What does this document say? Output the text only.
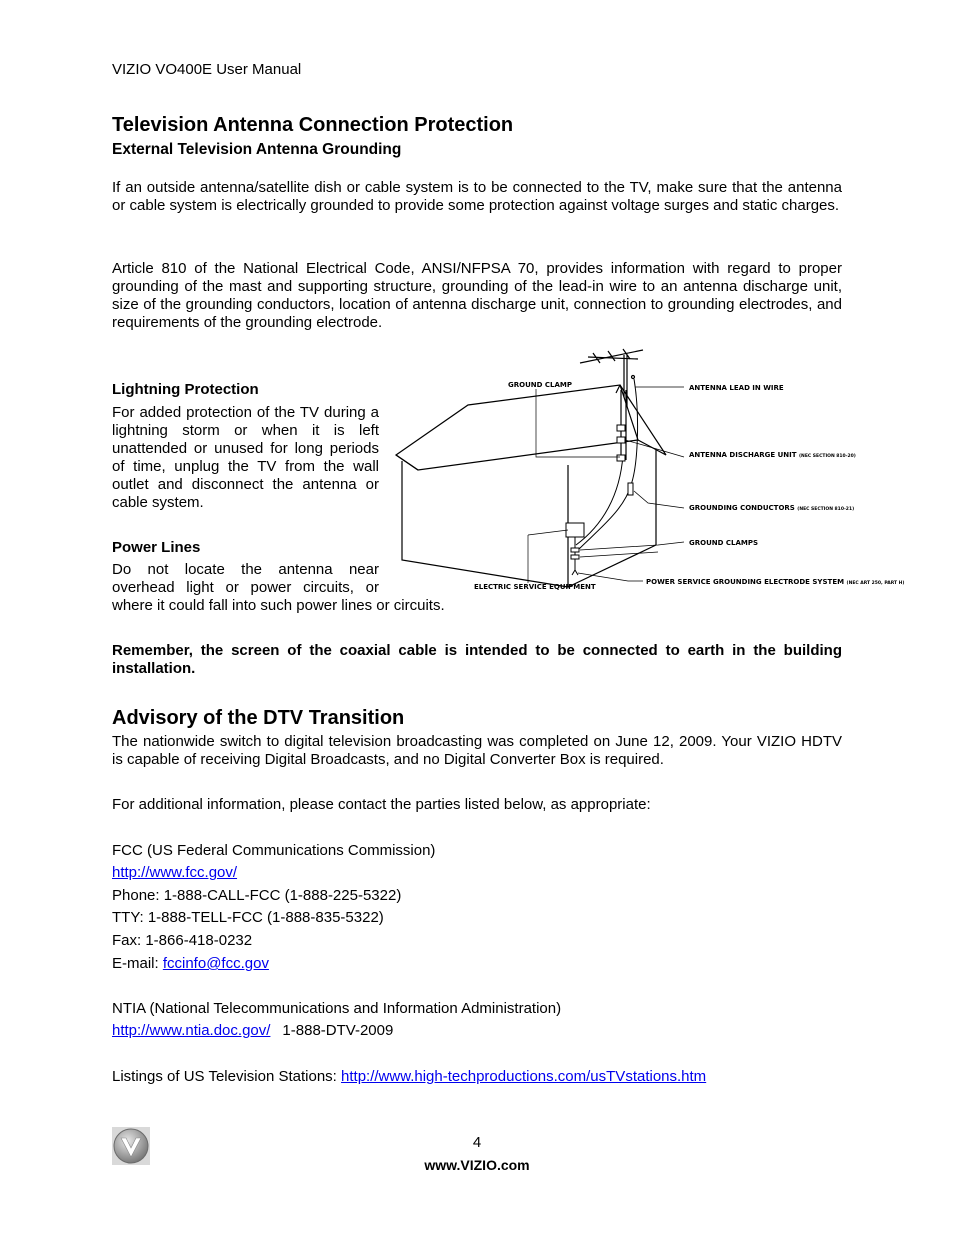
VIZIO VO400E User Manual
Television Antenna Connection Protection
External Television Antenna Grounding
If an outside antenna/satellite dish or cable system is to be connected to the TV, make sure that the antenna or cable system is electrically grounded to provide some protection against voltage surges and static charges.
Article 810 of the National Electrical Code, ANSI/NFPSA 70, provides information with regard to proper grounding of the mast and supporting structure, grounding of the lead-in wire to an antenna discharge unit, size of the grounding conductors, location of antenna discharge unit, connection to grounding electrodes, and requirements of the grounding electrode.
Lightning Protection
For added protection of the TV during a lightning storm or when it is left unattended or unused for long periods of time, unplug the TV from the wall outlet and disconnect the antenna or cable system.
Power Lines
Do not locate the antenna near overhead light or power circuits, or
where it could fall into such power lines or circuits.
GROUND CLAMP	ANTENNA LEAD IN WIRE
ANTENNA DISCHARGE UNIT (NEC SECTION 810-20)
GROUNDING CONDUCTORS (NEC SECTION 810-21)
GROUND CLAMPS
ELECTRIC SERVICE EQUIPMENT
POWER SERVICE GROUNDING ELECTRODE SYSTEM (NEC ART 250, PART H)
Remember, the screen of the coaxial cable is intended to be connected to earth in the building installation.
Advisory of the DTV Transition
The nationwide switch to digital television broadcasting was completed on June 12, 2009. Your VIZIO HDTV is capable of receiving Digital Broadcasts, and no Digital Converter Box is required.
For additional information, please contact the parties listed below, as appropriate:
FCC (US Federal Communications Commission)
http://www.fcc.gov/
Phone: 1-888-CALL-FCC (1-888-225-5322)
TTY: 1-888-TELL-FCC (1-888-835-5322)
Fax: 1-866-418-0232
E-mail: fccinfo@fcc.gov
NTIA (National Telecommunications and Information Administration)
http://www.ntia.doc.gov/ 1-888-DTV-2009
Listings of US Television Stations: http://www.high-techproductions.com/usTVstations.htm
4
www.VIZIO.com
